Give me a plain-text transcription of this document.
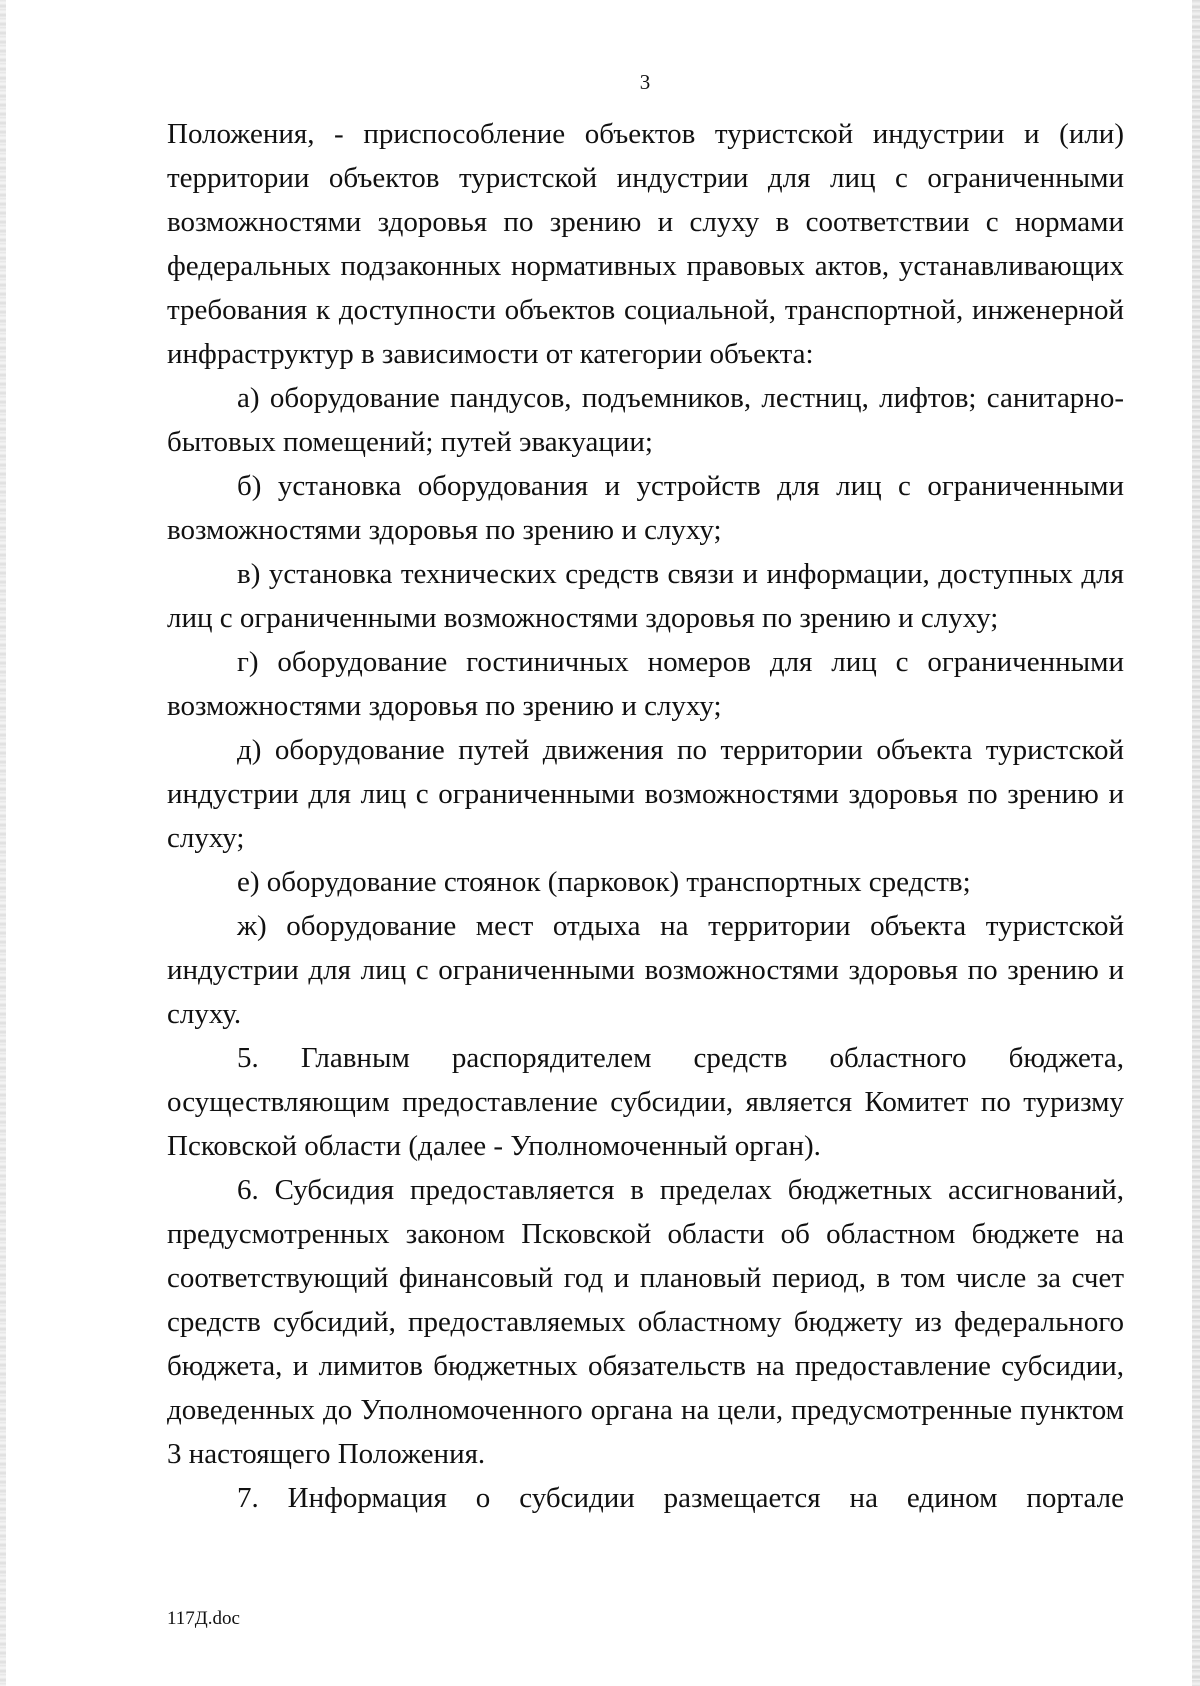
3

Положения, - приспособление объектов туристской индустрии и (или) территории объектов туристской индустрии для лиц с ограниченными возможностями здоровья по зрению и слуху в соответствии с нормами федеральных подзаконных нормативных правовых актов, устанавливающих требования к доступности объектов социальной, транспортной, инженерной инфраструктур в зависимости от категории объекта:

а) оборудование пандусов, подъемников, лестниц, лифтов; санитарно-бытовых помещений; путей эвакуации;

б) установка оборудования и устройств для лиц с ограниченными возможностями здоровья по зрению и слуху;

в) установка технических средств связи и информации, доступных для лиц с ограниченными возможностями здоровья по зрению и слуху;

г) оборудование гостиничных номеров для лиц с ограниченными возможностями здоровья по зрению и слуху;

д) оборудование путей движения по территории объекта туристской индустрии для лиц с ограниченными возможностями здоровья по зрению и слуху;

е) оборудование стоянок (парковок) транспортных средств;

ж) оборудование мест отдыха на территории объекта туристской индустрии для лиц с ограниченными возможностями здоровья по зрению и слуху.

5. Главным распорядителем средств областного бюджета, осуществляющим предоставление субсидии, является Комитет по туризму Псковской области (далее - Уполномоченный орган).

6. Субсидия предоставляется в пределах бюджетных ассигнований, предусмотренных законом Псковской области об областном бюджете на соответствующий финансовый год и плановый период, в том числе за счет средств субсидий, предоставляемых областному бюджету из федерального бюджета, и лимитов бюджетных обязательств на предоставление субсидии, доведенных до Уполномоченного органа на цели, предусмотренные пунктом 3 настоящего Положения.

7. Информация о субсидии размещается на едином портале

117Д.doc
